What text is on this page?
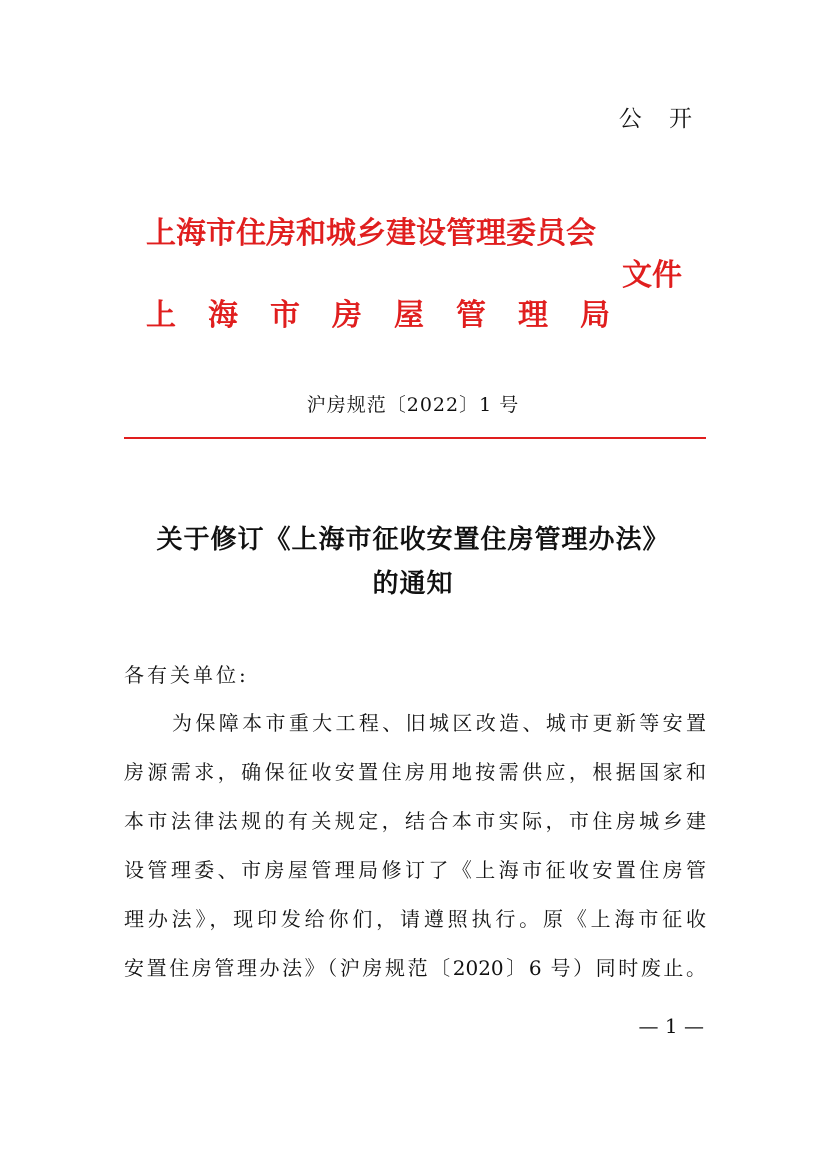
公 开
上海市住房和城乡建设管理委员会
文件
上 海 市 房 屋 管 理 局
沪房规范〔2022〕1 号
关于修订《上海市征收安置住房管理办法》
的通知
各有关单位:
为保障本市重大工程、旧城区改造、城市更新等安置
房源需求，确保征收安置住房用地按需供应，根据国家和
本市法律法规的有关规定，结合本市实际，市住房城乡建
设管理委、市房屋管理局修订了《上海市征收安置住房管
理办法》，现印发给你们，请遵照执行。原《上海市征收
安置住房管理办法》（沪房规范〔2020〕6 号）同时废止。
— 1 —
